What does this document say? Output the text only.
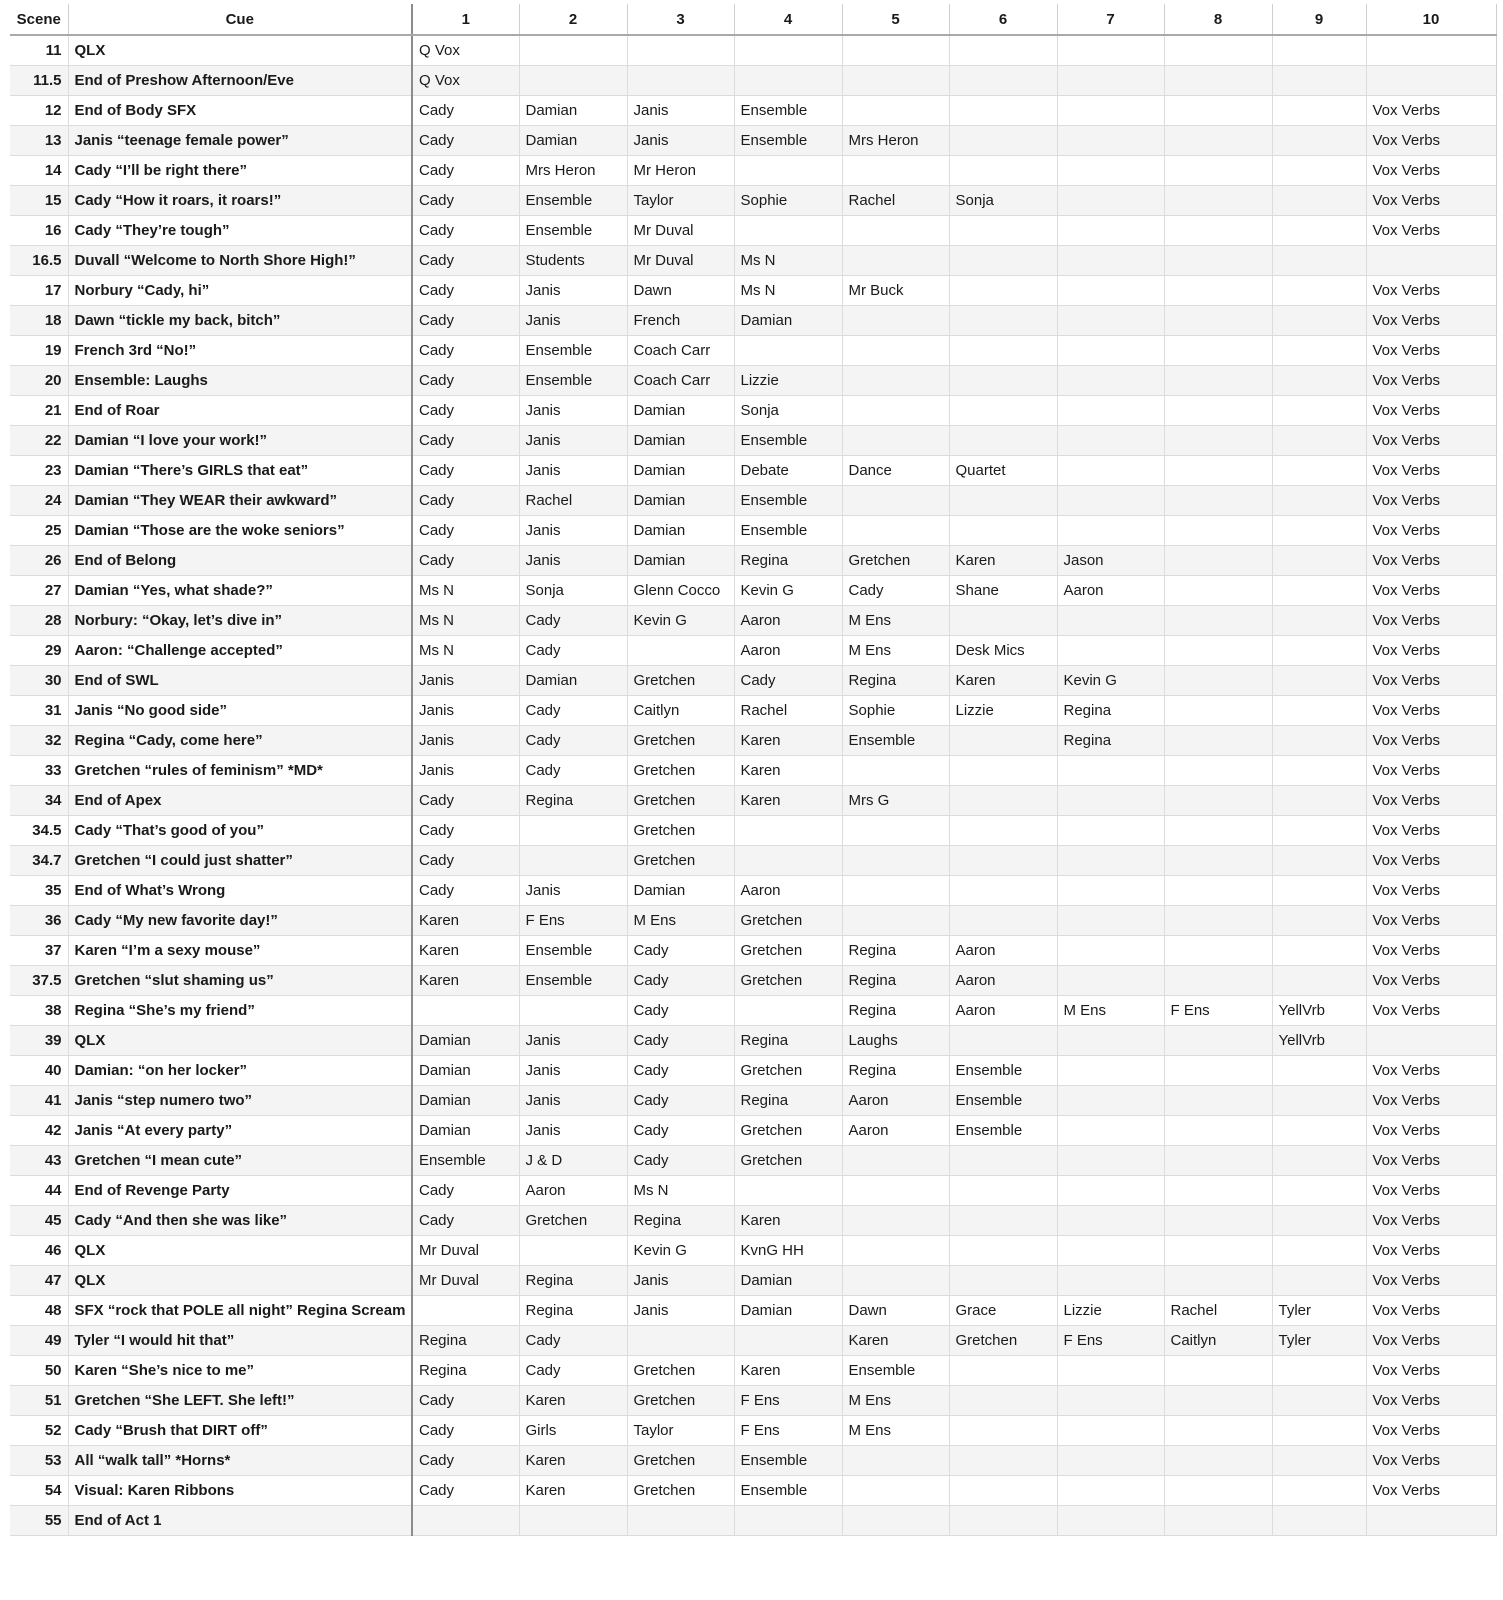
Scene	Cue	1	2	3	4	5	6	7	8	9	10
11	QLX	Q Vox									
11.5	End of Preshow Afternoon/Eve	Q Vox									
12	End of Body SFX	Cady	Damian	Janis	Ensemble						Vox Verbs
13	Janis “teenage female power”	Cady	Damian	Janis	Ensemble	Mrs Heron					Vox Verbs
14	Cady “I’ll be right there”	Cady	Mrs Heron	Mr Heron							Vox Verbs
15	Cady “How it roars, it roars!”	Cady	Ensemble	Taylor	Sophie	Rachel	Sonja				Vox Verbs
16	Cady “They’re tough”	Cady	Ensemble	Mr Duval							Vox Verbs
16.5	Duvall “Welcome to North Shore High!”	Cady	Students	Mr Duval	Ms N						
17	Norbury “Cady, hi”	Cady	Janis	Dawn	Ms N	Mr Buck					Vox Verbs
18	Dawn “tickle my back, bitch”	Cady	Janis	French	Damian						Vox Verbs
19	French 3rd “No!”	Cady	Ensemble	Coach Carr							Vox Verbs
20	Ensemble: Laughs	Cady	Ensemble	Coach Carr	Lizzie						Vox Verbs
21	End of Roar	Cady	Janis	Damian	Sonja						Vox Verbs
22	Damian “I love your work!”	Cady	Janis	Damian	Ensemble						Vox Verbs
23	Damian “There’s GIRLS that eat”	Cady	Janis	Damian	Debate	Dance	Quartet				Vox Verbs
24	Damian “They WEAR their awkward”	Cady	Rachel	Damian	Ensemble						Vox Verbs
25	Damian “Those are the woke seniors”	Cady	Janis	Damian	Ensemble						Vox Verbs
26	End of Belong	Cady	Janis	Damian	Regina	Gretchen	Karen	Jason			Vox Verbs
27	Damian “Yes, what shade?”	Ms N	Sonja	Glenn Cocco	Kevin G	Cady	Shane	Aaron			Vox Verbs
28	Norbury: “Okay, let’s dive in”	Ms N	Cady	Kevin G	Aaron	M Ens					Vox Verbs
29	Aaron: “Challenge accepted”	Ms N	Cady		Aaron	M Ens	Desk Mics				Vox Verbs
30	End of SWL	Janis	Damian	Gretchen	Cady	Regina	Karen	Kevin G			Vox Verbs
31	Janis “No good side”	Janis	Cady	Caitlyn	Rachel	Sophie	Lizzie	Regina			Vox Verbs
32	Regina “Cady, come here”	Janis	Cady	Gretchen	Karen	Ensemble		Regina			Vox Verbs
33	Gretchen “rules of feminism” *MD*	Janis	Cady	Gretchen	Karen						Vox Verbs
34	End of Apex	Cady	Regina	Gretchen	Karen	Mrs G					Vox Verbs
34.5	Cady “That’s good of you”	Cady		Gretchen							Vox Verbs
34.7	Gretchen “I could just shatter”	Cady		Gretchen							Vox Verbs
35	End of What’s Wrong	Cady	Janis	Damian	Aaron						Vox Verbs
36	Cady “My new favorite day!”	Karen	F Ens	M Ens	Gretchen						Vox Verbs
37	Karen “I’m a sexy mouse”	Karen	Ensemble	Cady	Gretchen	Regina	Aaron				Vox Verbs
37.5	Gretchen “slut shaming us”	Karen	Ensemble	Cady	Gretchen	Regina	Aaron				Vox Verbs
38	Regina “She’s my friend”			Cady		Regina	Aaron	M Ens	F Ens	YellVrb	Vox Verbs
39	QLX	Damian	Janis	Cady	Regina	Laughs				YellVrb	
40	Damian: “on her locker”	Damian	Janis	Cady	Gretchen	Regina	Ensemble				Vox Verbs
41	Janis “step numero two”	Damian	Janis	Cady	Regina	Aaron	Ensemble				Vox Verbs
42	Janis “At every party”	Damian	Janis	Cady	Gretchen	Aaron	Ensemble				Vox Verbs
43	Gretchen “I mean cute”	Ensemble	J & D	Cady	Gretchen						Vox Verbs
44	End of Revenge Party	Cady	Aaron	Ms N							Vox Verbs
45	Cady “And then she was like”	Cady	Gretchen	Regina	Karen						Vox Verbs
46	QLX	Mr Duval		Kevin G	KvnG HH						Vox Verbs
47	QLX	Mr Duval	Regina	Janis	Damian						Vox Verbs
48	SFX “rock that POLE all night” Regina Scream		Regina	Janis	Damian	Dawn	Grace	Lizzie	Rachel	Tyler	Vox Verbs
49	Tyler “I would hit that”	Regina	Cady			Karen	Gretchen	F Ens	Caitlyn	Tyler	Vox Verbs
50	Karen “She’s nice to me”	Regina	Cady	Gretchen	Karen	Ensemble					Vox Verbs
51	Gretchen “She LEFT. She left!”	Cady	Karen	Gretchen	F Ens	M Ens					Vox Verbs
52	Cady “Brush that DIRT off”	Cady	Girls	Taylor	F Ens	M Ens					Vox Verbs
53	All “walk tall” *Horns*	Cady	Karen	Gretchen	Ensemble						Vox Verbs
54	Visual: Karen Ribbons	Cady	Karen	Gretchen	Ensemble						Vox Verbs
55	End of Act 1										
